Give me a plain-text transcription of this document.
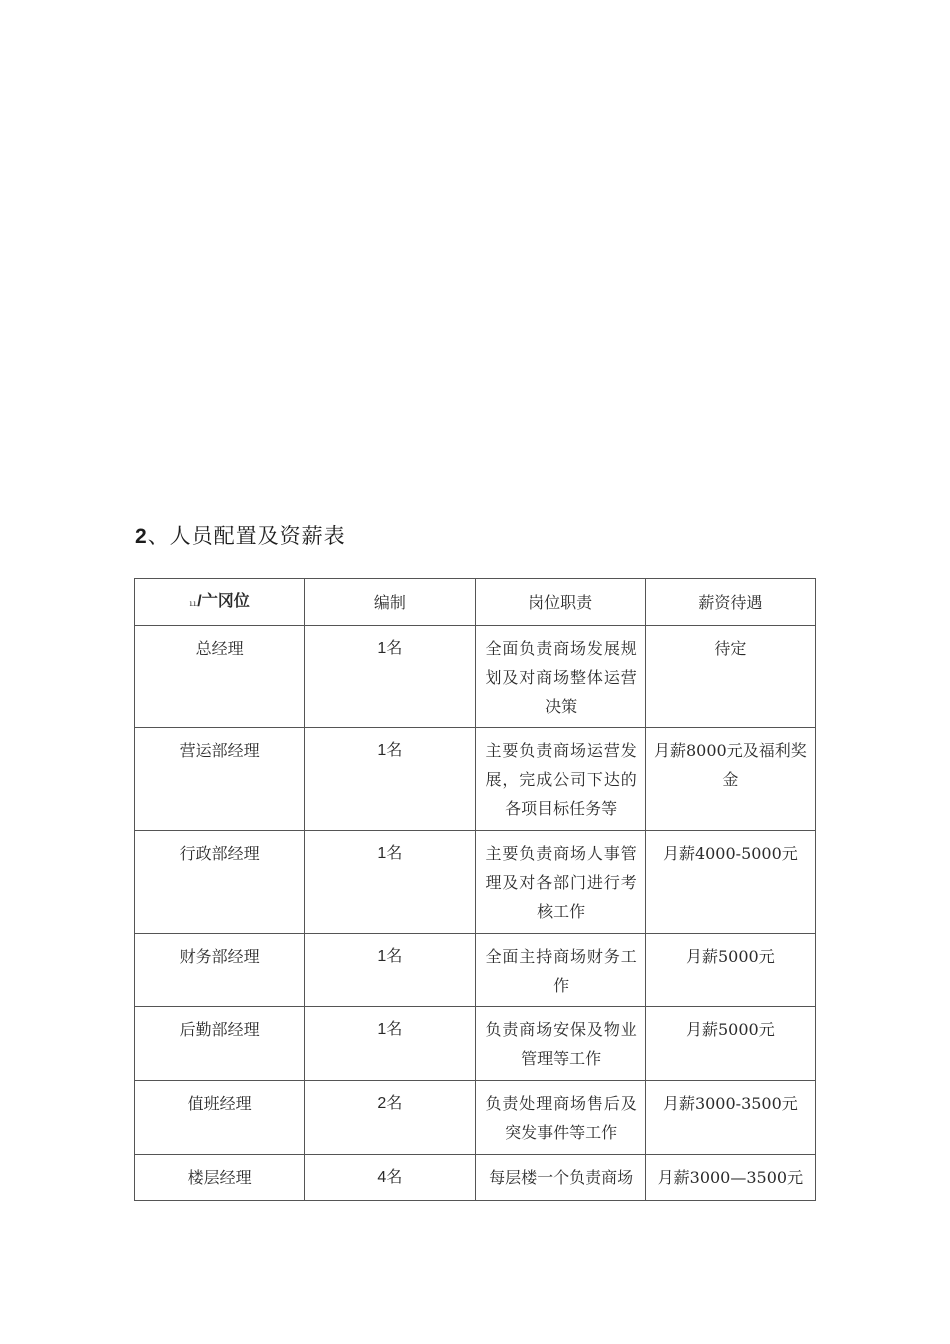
2、人员配置及资薪表
ււ/亠冈位	编制	岗位职责	薪资待遇
总经理	1名	全面负责商场发展规划及对商场整体运营决策	待定
营运部经理	1名	主要负责商场运营发展，完成公司下达的各项目标任务等	月薪8000元及福利奖金
行政部经理	1名	主要负责商场人事管理及对各部门进行考核工作	月薪4000-5000元
财务部经理	1名	全面主持商场财务工作	月薪5000元
后勤部经理	1名	负责商场安保及物业管理等工作	月薪5000元
值班经理	2名	负责处理商场售后及突发事件等工作	月薪3000-3500元
楼层经理	4名	每层楼一个负责商场	月薪3000—3500元
